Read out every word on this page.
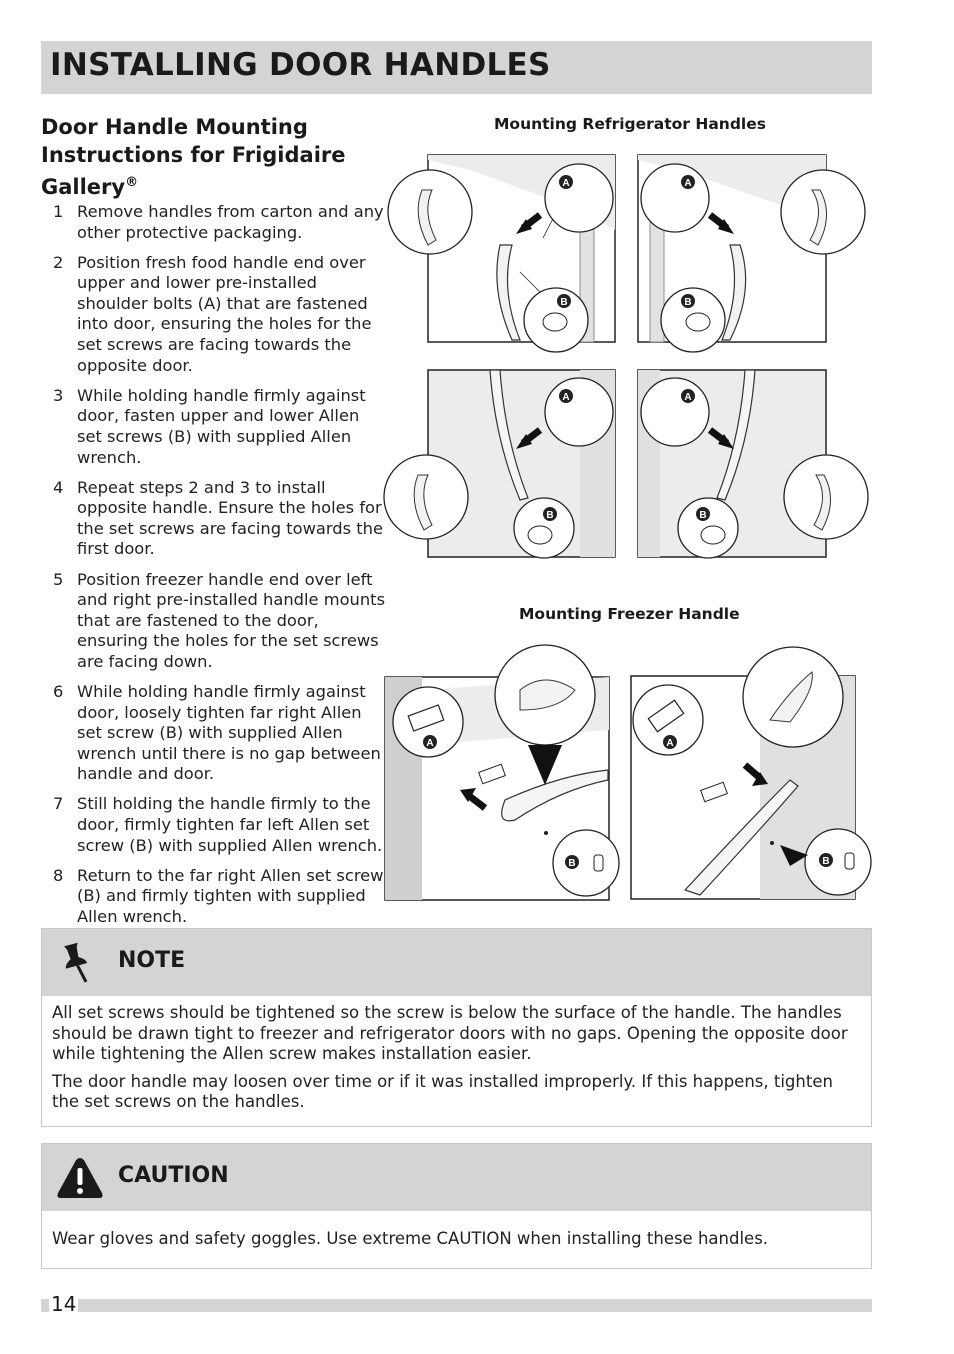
INSTALLING DOOR HANDLES
Door Handle Mounting Instructions for Frigidaire Gallery®
1 Remove handles from carton and any other protective packaging.
2 Position fresh food handle end over upper and lower pre-installed shoulder bolts (A) that are fastened into door, ensuring the holes for the set screws are facing towards the opposite door.
3 While holding handle firmly against door, fasten upper and lower Allen set screws (B) with supplied Allen wrench.
4 Repeat steps 2 and 3 to install opposite handle. Ensure the holes for the set screws are facing towards the first door.
5 Position freezer handle end over left and right pre-installed handle mounts that are fastened to the door, ensuring the holes for the set screws are facing down.
6 While holding handle firmly against door, loosely tighten far right Allen set screw (B) with supplied Allen wrench until there is no gap between handle and door.
7 Still holding the handle firmly to the door, firmly tighten far left Allen set screw (B) with supplied Allen wrench.
8 Return to the far right Allen set screw (B) and firmly tighten with supplied Allen wrench.
Mounting Refrigerator Handles
Mounting Freezer Handle
A
B
A
B
A
B
A
B
A
B
A
B
NOTE

All set screws should be tightened so the screw is below the surface of the handle. The handles should be drawn tight to freezer and refrigerator doors with no gaps. Opening the opposite door while tightening the Allen screw makes installation easier.

The door handle may loosen over time or if it was installed improperly. If this happens, tighten the set screws on the handles.

CAUTION

Wear gloves and safety goggles. Use extreme CAUTION when installing these handles.

14
